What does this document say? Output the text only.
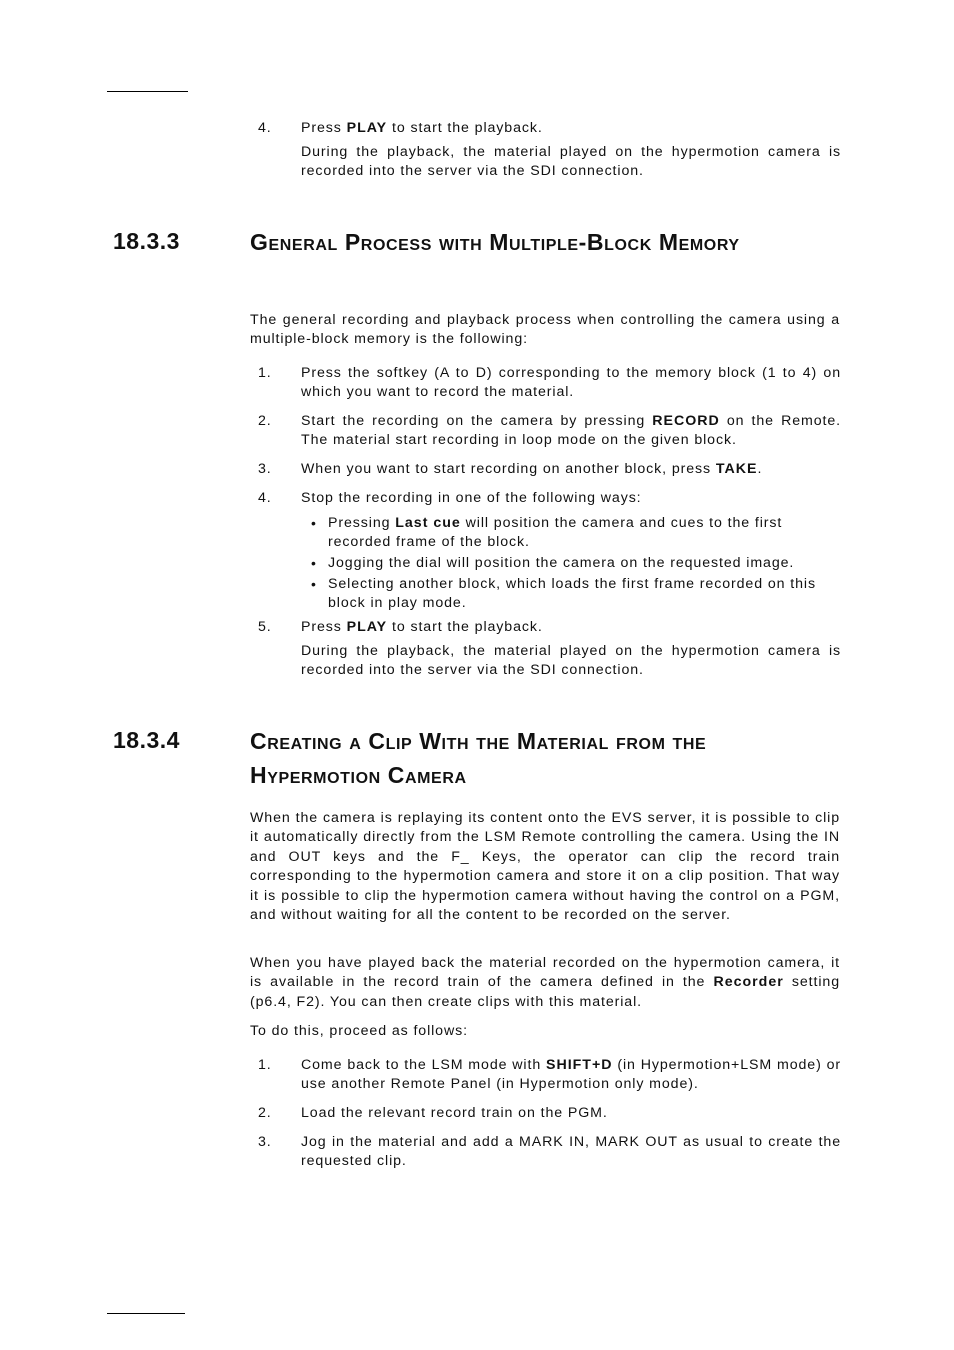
4. Press PLAY to start the playback.
During the playback, the material played on the hypermotion camera is recorded into the server via the SDI connection.
18.3.3	General Process with Multiple-Block Memory
The general recording and playback process when controlling the camera using a multiple-block memory is the following:
1. Press the softkey (A to D) corresponding to the memory block (1 to 4) on which you want to record the material.
2. Start the recording on the camera by pressing RECORD on the Remote. The material start recording in loop mode on the given block.
3. When you want to start recording on another block, press TAKE.
4. Stop the recording in one of the following ways:
• Pressing Last cue will position the camera and cues to the first recorded frame of the block.
• Jogging the dial will position the camera on the requested image.
• Selecting another block, which loads the first frame recorded on this block in play mode.
5. Press PLAY to start the playback.
During the playback, the material played on the hypermotion camera is recorded into the server via the SDI connection.
18.3.4	Creating a Clip With the Material from the Hypermotion Camera
When the camera is replaying its content onto the EVS server, it is possible to clip it automatically directly from the LSM Remote controlling the camera. Using the IN and OUT keys and the F_ Keys, the operator can clip the record train corresponding to the hypermotion camera and store it on a clip position. That way it is possible to clip the hypermotion camera without having the control on a PGM, and without waiting for all the content to be recorded on the server.
When you have played back the material recorded on the hypermotion camera, it is available in the record train of the camera defined in the Recorder setting (p6.4, F2). You can then create clips with this material.
To do this, proceed as follows:
1. Come back to the LSM mode with SHIFT+D (in Hypermotion+LSM mode) or use another Remote Panel (in Hypermotion only mode).
2. Load the relevant record train on the PGM.
3. Jog in the material and add a MARK IN, MARK OUT as usual to create the requested clip.
